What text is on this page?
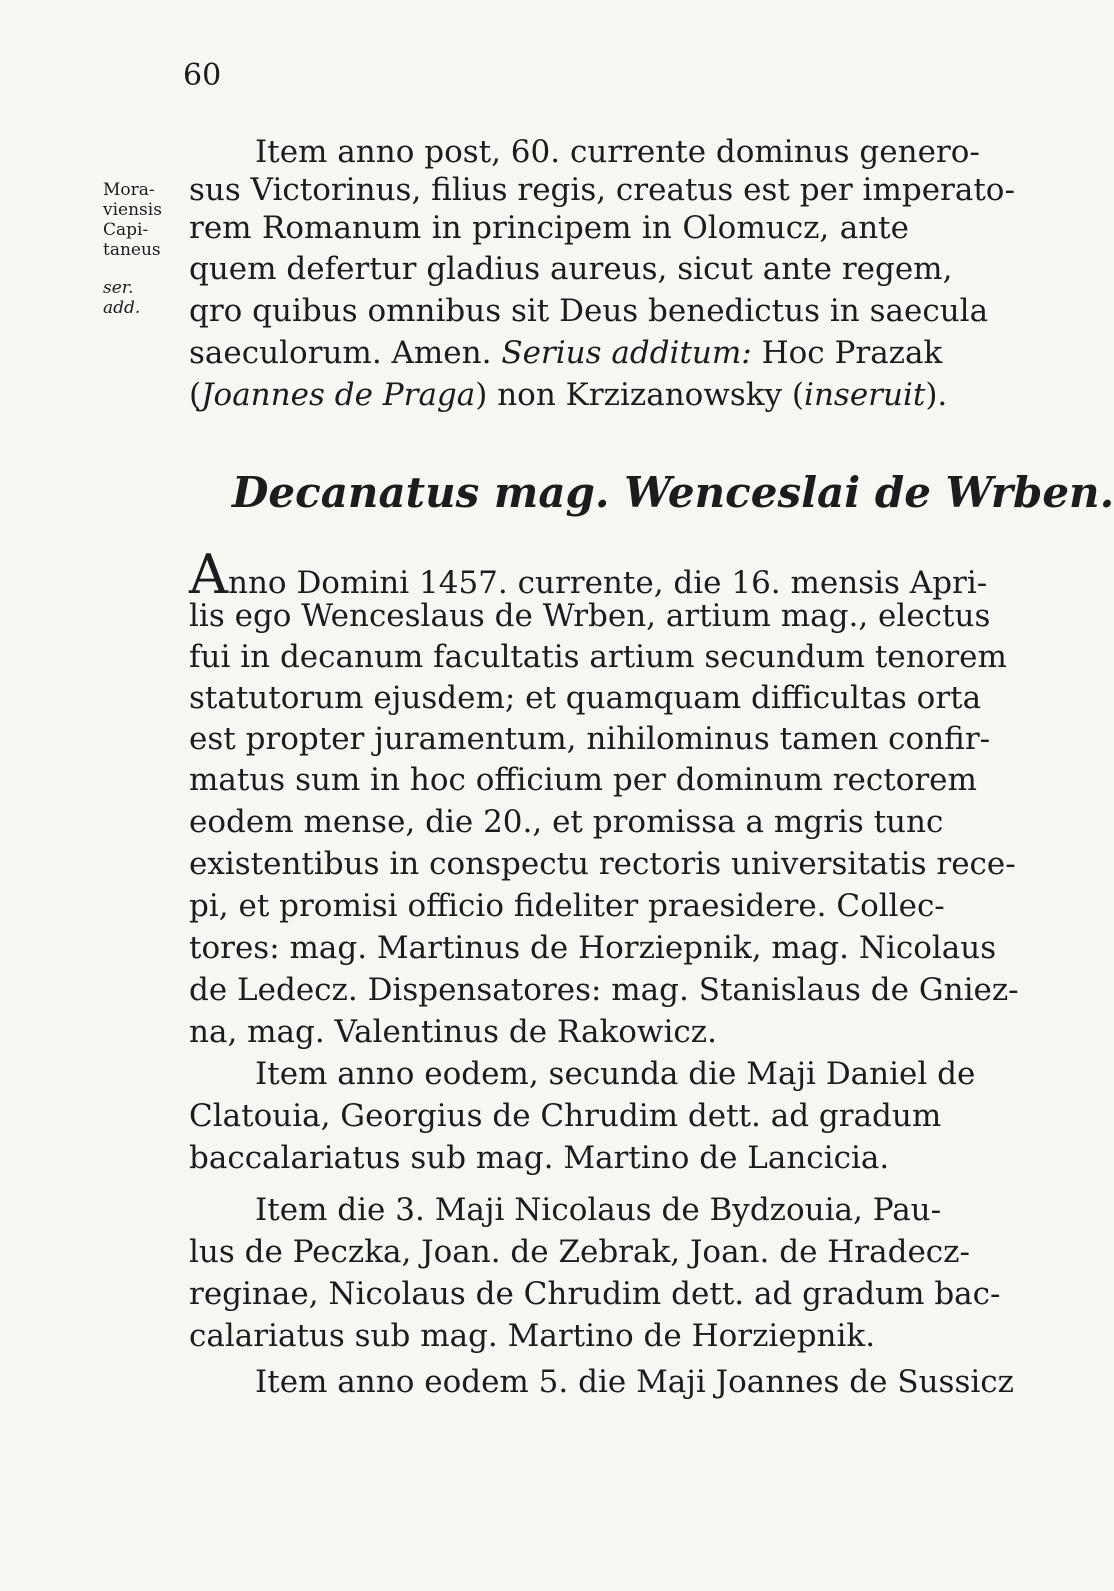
60
Mora-
viensis
Capi-
taneus
ser.
add.
Item anno post, 60. currente dominus genero-
sus Victorinus, filius regis, creatus est per imperato-
rem Romanum in principem in Olomucz, ante
quem defertur gladius aureus, sicut ante regem,
qro quibus omnibus sit Deus benedictus in saecula
saeculorum. Amen. Serius additum: Hoc Prazak
(Joannes de Praga) non Krzizanowsky (inseruit).
Decanatus mag. Wenceslai de Wrben.
Anno Domini 1457. currente, die 16. mensis Apri-
lis ego Wenceslaus de Wrben, artium mag., electus
fui in decanum facultatis artium secundum tenorem
statutorum ejusdem; et quamquam difficultas orta
est propter juramentum, nihilominus tamen confir-
matus sum in hoc officium per dominum rectorem
eodem mense, die 20., et promissa a mgris tunc
existentibus in conspectu rectoris universitatis rece-
pi, et promisi officio fideliter praesidere. Collec-
tores: mag. Martinus de Horziepnik, mag. Nicolaus
de Ledecz. Dispensatores: mag. Stanislaus de Gniez-
na, mag. Valentinus de Rakowicz.
Item anno eodem, secunda die Maji Daniel de
Clatouia, Georgius de Chrudim dett. ad gradum
baccalariatus sub mag. Martino de Lancicia.
Item die 3. Maji Nicolaus de Bydzouia, Pau-
lus de Peczka, Joan. de Zebrak, Joan. de Hradecz-
reginae, Nicolaus de Chrudim dett. ad gradum bac-
calariatus sub mag. Martino de Horziepnik.
Item anno eodem 5. die Maji Joannes de Sussicz
